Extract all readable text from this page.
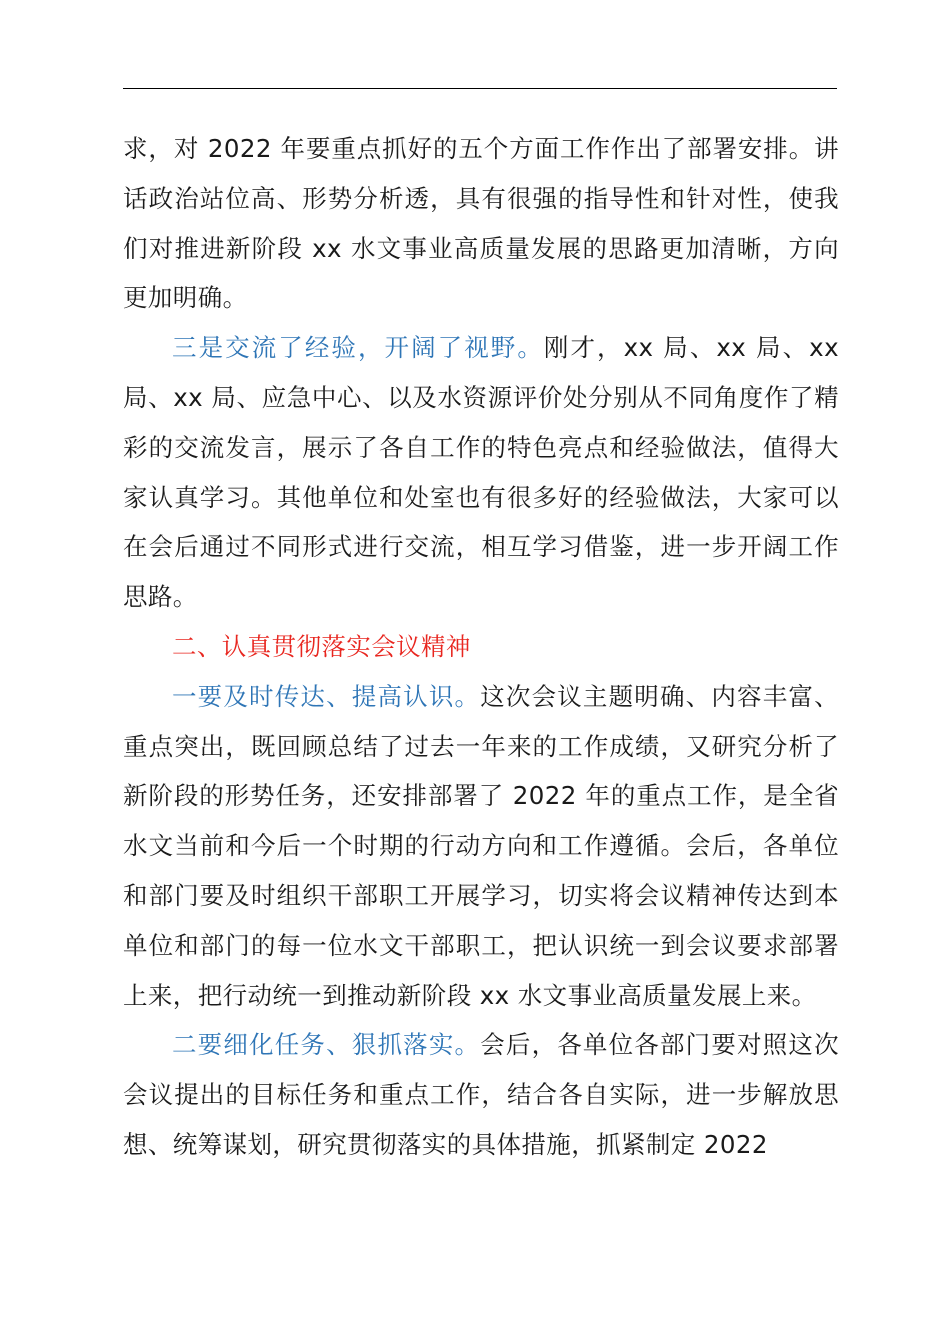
求，对 2022 年要重点抓好的五个方面工作作出了部署安排。讲话政治站位高、形势分析透，具有很强的指导性和针对性，使我们对推进新阶段 xx 水文事业高质量发展的思路更加清晰，方向更加明确。

三是交流了经验，开阔了视野。刚才，xx 局、xx 局、xx 局、xx 局、应急中心、以及水资源评价处分别从不同角度作了精彩的交流发言，展示了各自工作的特色亮点和经验做法，值得大家认真学习。其他单位和处室也有很多好的经验做法，大家可以在会后通过不同形式进行交流，相互学习借鉴，进一步开阔工作思路。

二、认真贯彻落实会议精神

一要及时传达、提高认识。这次会议主题明确、内容丰富、重点突出，既回顾总结了过去一年来的工作成绩，又研究分析了新阶段的形势任务，还安排部署了 2022 年的重点工作，是全省水文当前和今后一个时期的行动方向和工作遵循。会后，各单位和部门要及时组织干部职工开展学习，切实将会议精神传达到本单位和部门的每一位水文干部职工，把认识统一到会议要求部署上来，把行动统一到推动新阶段 xx 水文事业高质量发展上来。

二要细化任务、狠抓落实。会后，各单位各部门要对照这次会议提出的目标任务和重点工作，结合各自实际，进一步解放思想、统筹谋划，研究贯彻落实的具体措施，抓紧制定 2022
